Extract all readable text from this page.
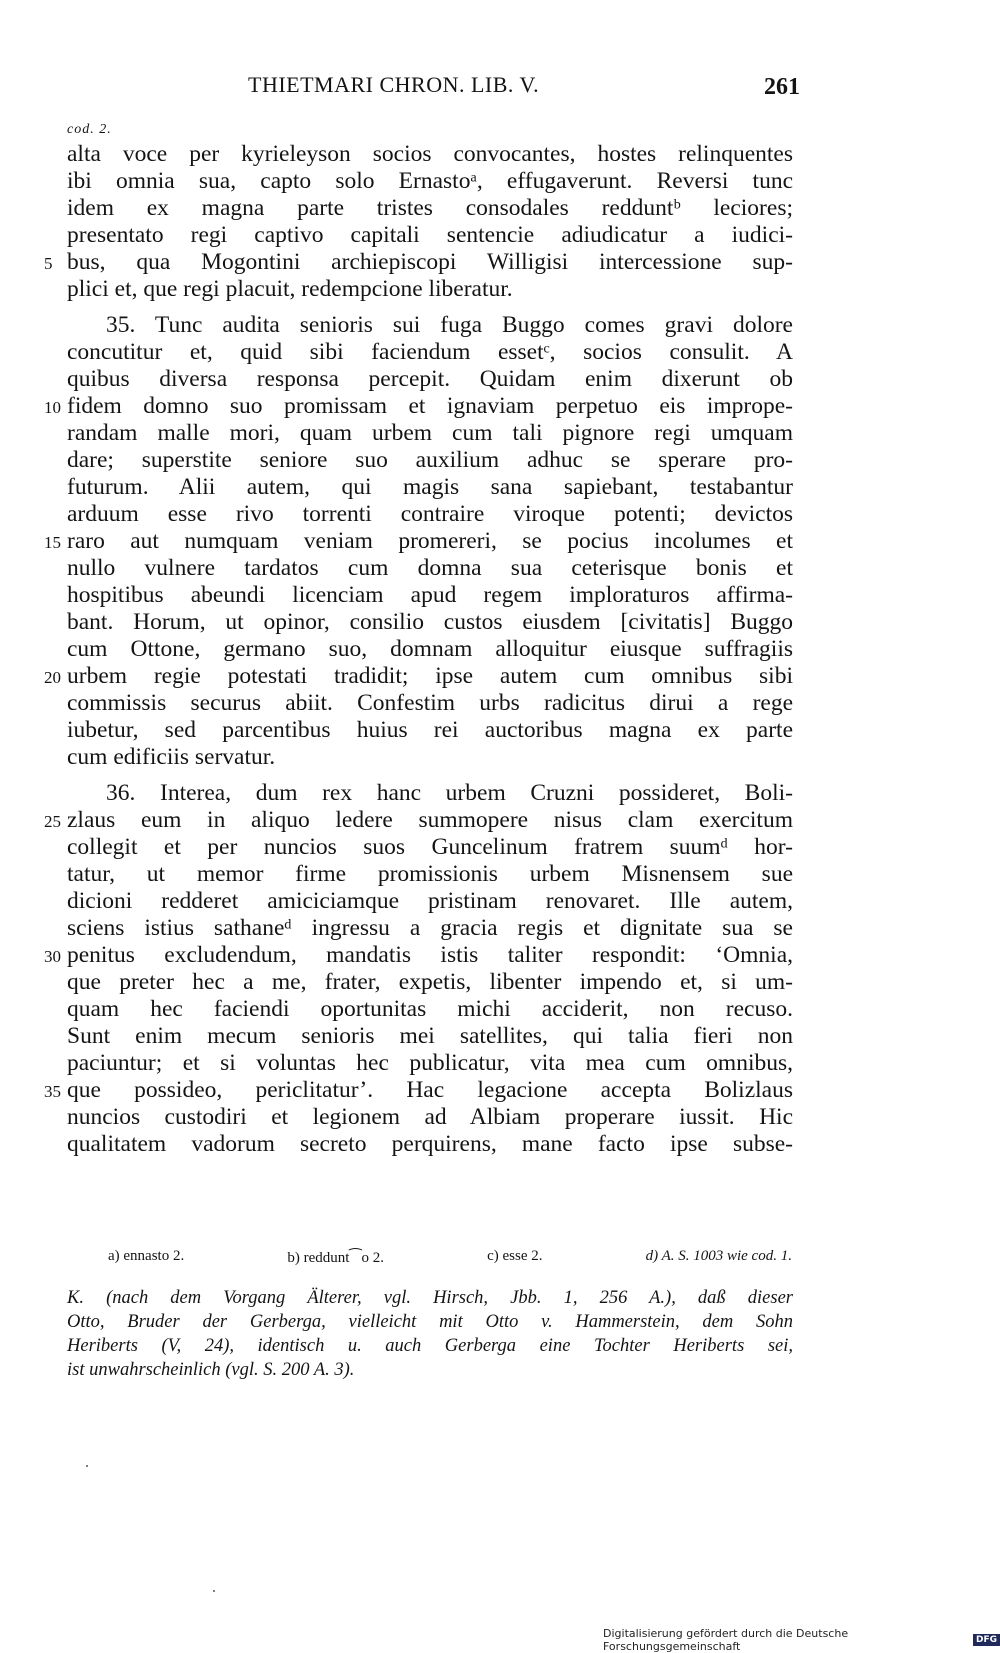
THIETMARI CHRON. LIB. V.	261
cod. 2.
alta voce per kyrieleyson socios convocantes, hostes relinquentes
ibi omnia sua, capto solo Ernastoᵃ, effugaverunt. Reversi tunc
idem ex magna parte tristes consodales redduntᵇ leciores;
presentato regi captivo capitali sentencie adiudicatur a iudici-
bus, qua Mogontini archiepiscopi Willigisi intercessione sup-
plici et, que regi placuit, redempcione liberatur.
35. Tunc audita senioris sui fuga Buggo comes gravi dolore
concutitur et, quid sibi faciendum essetᶜ, socios consulit. A
quibus diversa responsa percepit. Quidam enim dixerunt ob
fidem domno suo promissam et ignaviam perpetuo eis imprope-
randam malle mori, quam urbem cum tali pignore regi umquam
dare; superstite seniore suo auxilium adhuc se sperare pro-
futurum. Alii autem, qui magis sana sapiebant, testabantur
arduum esse rivo torrenti contraire viroque potenti; devictos
raro aut numquam veniam promereri, se pocius incolumes et
nullo vulnere tardatos cum domna sua ceterisque bonis et
hospitibus abeundi licenciam apud regem imploraturos affirma-
bant. Horum, ut opinor, consilio custos eiusdem [civitatis] Buggo
cum Ottone, germano suo, domnam alloquitur eiusque suffragiis
urbem regie potestati tradidit; ipse autem cum omnibus sibi
commissis securus abiit. Confestim urbs radicitus dirui a rege
iubetur, sed parcentibus huius rei auctoribus magna ex parte
cum edificiis servatur.
36. Interea, dum rex hanc urbem Cruzni possideret, Boli-
zlaus eum in aliquo ledere summopere nisus clam exercitum
collegit et per nuncios suos Guncelinum fratrem suumᵈ hor-
tatur, ut memor firme promissionis urbem Misnensem sue
dicioni redderet amiciciamque pristinam renovaret. Ille autem,
sciens istius sathaneᵈ ingressu a gracia regis et dignitate sua se
penitus excludendum, mandatis istis taliter respondit: ‘Omnia,
que preter hec a me, frater, expetis, libenter impendo et, si um-
quam hec faciendi oportunitas michi acciderit, non recuso.
Sunt enim mecum senioris mei satellites, qui talia fieri non
paciuntur; et si voluntas hec publicatur, vita mea cum omnibus,
que possideo, periclitatur’. Hac legacione accepta Bolizlaus
nuncios custodiri et legionem ad Albiam properare iussit. Hic
qualitatem vadorum secreto perquirens, mane facto ipse subse-
5
10
15
20
25
30
35
a) ennasto 2.	b) reddunt⁀o 2.	c) esse 2.	d) A. S. 1003 wie cod. 1.
K. (nach dem Vorgang Älterer, vgl. Hirsch, Jbb. 1, 256 A.), daß dieser
Otto, Bruder der Gerberga, vielleicht mit Otto v. Hammerstein, dem Sohn
Heriberts (V, 24), identisch u. auch Gerberga eine Tochter Heriberts sei,
ist unwahrscheinlich (vgl. S. 200 A. 3).
Digitalisierung gefördert durch die Deutsche Forschungsgemeinschaft	DFG
